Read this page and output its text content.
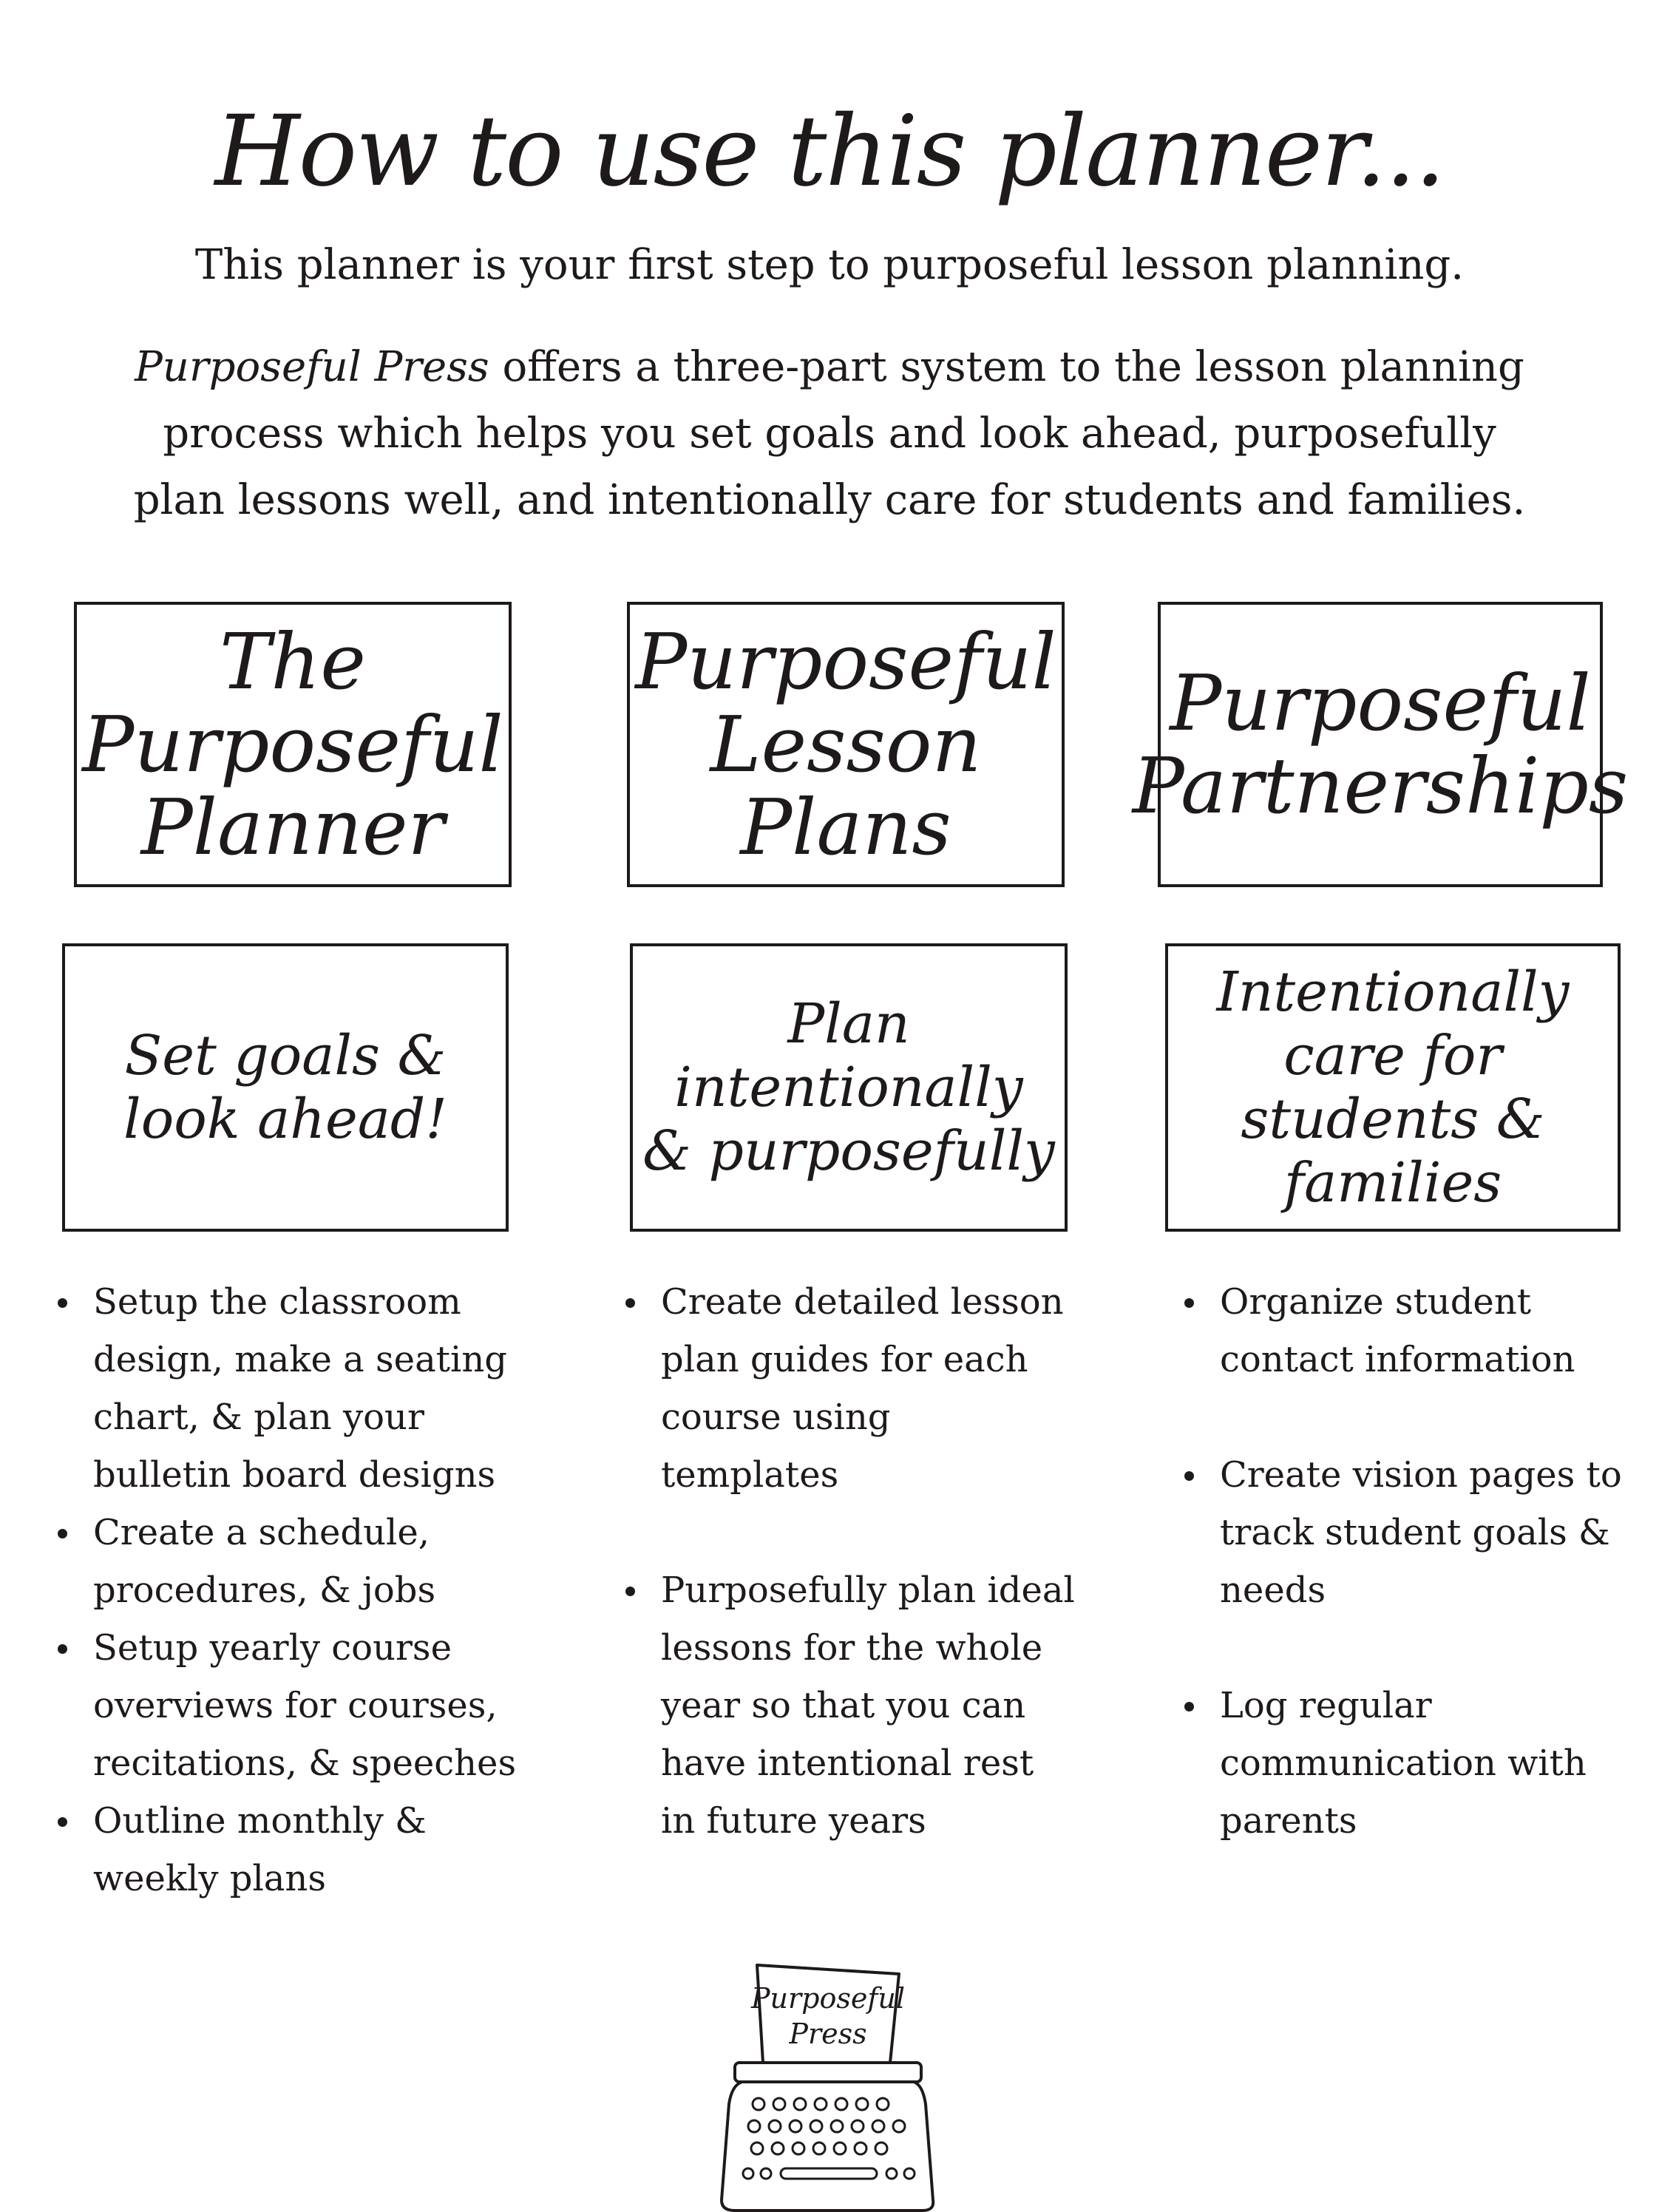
How to use this planner...

This planner is your first step to purposeful lesson planning.

Purposeful Press offers a three-part system to the lesson planning process which helps you set goals and look ahead, purposefully plan lessons well, and intentionally care for students and families.

The Purposeful
Planner
Purposeful
Lesson Plans
Purposeful
Partnerships
Set goals &
look ahead!
Plan intentionally
& purposefully
Intentionally care for
students & families
Setup the classroom design, make a seating chart, & plan your bulletin board designs
Create a schedule, procedures, & jobs
Setup yearly course overviews for courses, recitations, & speeches
Outline monthly & weekly plans
Create detailed lesson plan guides for each course using templates
Purposefully plan ideal lessons for the whole year so that you can have intentional rest in future years
Organize student contact information
Create vision pages to track student goals & needs
Log regular communication with parents
Purposeful
Press
